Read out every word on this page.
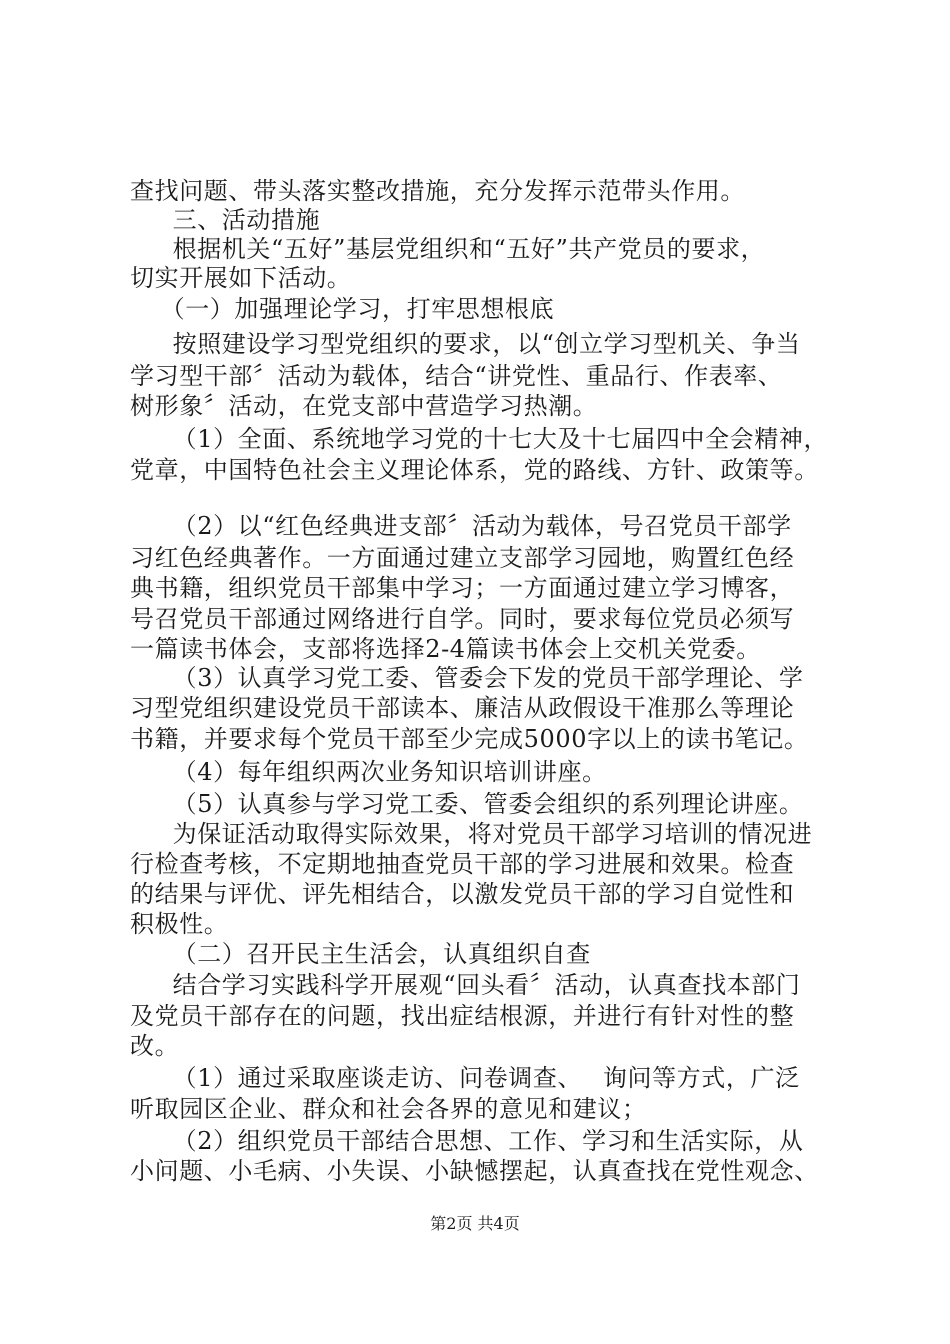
查找问题、带头落实整改措施，充分发挥示范带头作用。
　三、活动措施
　根据机关“五好”基层党组织和“五好”共产党员的要求，
切实开展如下活动。
　（一）加强理论学习，打牢思想根底
　按照建设学习型党组织的要求，以“创立学习型机关、争当
学习型干部〞活动为载体，结合“讲党性、重品行、作表率、
树形象〞活动，在党支部中营造学习热潮。
　（1）全面、系统地学习党的十七大及十七届四中全会精神，
党章，中国特色社会主义理论体系，党的路线、方针、政策等。
　（2）以“红色经典进支部〞活动为载体，号召党员干部学
习红色经典著作。一方面通过建立支部学习园地，购置红色经
典书籍，组织党员干部集中学习；一方面通过建立学习博客，
号召党员干部通过网络进行自学。同时，要求每位党员必须写
一篇读书体会，支部将选择2-4篇读书体会上交机关党委。
　（3）认真学习党工委、管委会下发的党员干部学理论、学
习型党组织建设党员干部读本、廉洁从政假设干准那么等理论
书籍，并要求每个党员干部至少完成5000字以上的读书笔记。
　（4）每年组织两次业务知识培训讲座。
　（5）认真参与学习党工委、管委会组织的系列理论讲座。
　为保证活动取得实际效果，将对党员干部学习培训的情况进
行检查考核，不定期地抽查党员干部的学习进展和效果。检查
的结果与评优、评先相结合，以激发党员干部的学习自觉性和
积极性。
　（二）召开民主生活会，认真组织自查
　结合学习实践科学开展观“回头看〞活动，认真查找本部门
及党员干部存在的问题，找出症结根源，并进行有针对性的整
改。
　（1）通过采取座谈走访、问卷调查、　 询问等方式，广泛
听取园区企业、群众和社会各界的意见和建议；
　（2）组织党员干部结合思想、工作、学习和生活实际，从
小问题、小毛病、小失误、小缺憾摆起，认真查找在党性观念、
第2页 共4页
